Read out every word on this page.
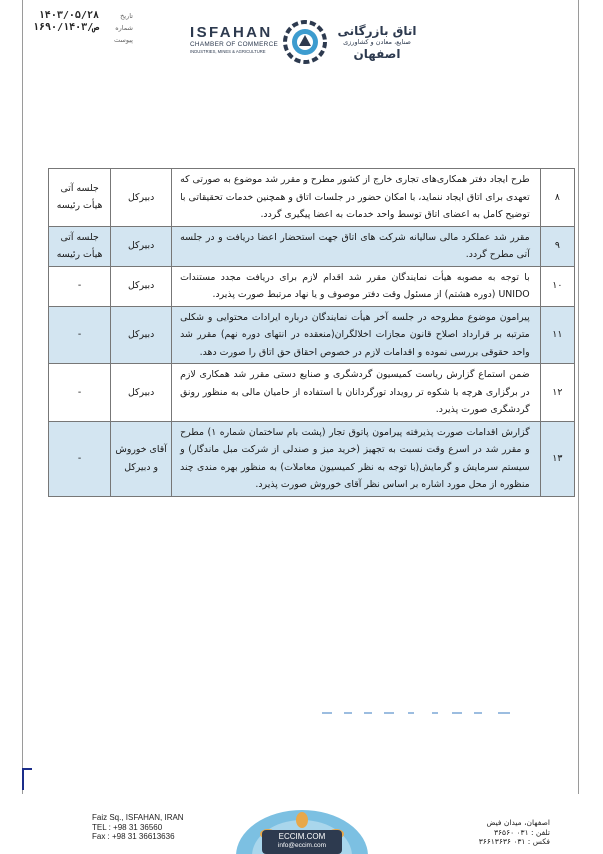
تاریخ
۱۴۰۳/۰۵/۲۸
شماره
۱۶۹۰/ص/۱۴۰۳
پیوست	ISFAHAN
CHAMBER OF COMMERCE
INDUSTRIES, MINES & AGRICULTURE
اتاق بازرگانی
صنایع، معادن و کشاورزی
اصفهان
۸	طرح ایجاد دفتر همکاری‌های تجاری خارج از کشور مطرح و مقرر شد موضوع به صورتی که تعهدی برای اتاق ایجاد ننماید، با امکان حضور در جلسات اتاق و همچنین خدمات تحقیقاتی با توضیح کامل به اعضای اتاق توسط واحد خدمات به اعضا پیگیری گردد.	دبیرکل	جلسه آتی هیأت رئیسه
۹	مقرر شد عملکرد مالی سالیانه شرکت های اتاق جهت استحضار اعضا دریافت و در جلسه آتی مطرح گردد.	دبیرکل	جلسه آتی هیأت رئیسه
۱۰	با توجه به مصوبه هیأت نمایندگان مقرر شد اقدام لازم برای دریافت مجدد مستندات UNIDO (دوره هشتم) از مسئول وقت دفتر موصوف و یا نهاد مرتبط صورت پذیرد.	دبیرکل	-
۱۱	پیرامون موضوع مطروحه در جلسه آخر هیأت نمایندگان درباره ایرادات محتوایی و شکلی مترتبه بر قرارداد اصلاح قانون مجازات اخلالگران(منعقده در انتهای دوره نهم) مقرر شد واحد حقوقی بررسی نموده و اقدامات لازم در خصوص احقاق حق اتاق را صورت دهد.	دبیرکل	-
۱۲	ضمن استماع گزارش ریاست کمیسیون گردشگری و صنایع دستی مقرر شد همکاری لازم در برگزاری هرچه با شکوه تر رویداد تورگردانان با استفاده از حامیان مالی به منظور رونق گردشگری صورت پذیرد.	دبیرکل	-
۱۳	گزارش اقدامات صورت پذیرفته پیرامون پاتوق تجار (پشت بام ساختمان شماره ۱) مطرح و مقرر شد در اسرع وقت نسبت به تجهیز (خرید میز و صندلی از شرکت مبل ماندگار) و سیستم سرمایش و گرمایش(با توجه به نظر کمیسیون معاملات) به منظور بهره مندی چند منظوره از محل مورد اشاره بر اساس نظر آقای خوروش صورت پذیرد.	آقای خوروش و دبیرکل	-
Faiz Sq., ISFAHAN, IRAN
TEL : +98 31 36560
Fax : +98 31 36613636	ECCIM.COM
info@eccim.com
اصفهان، میدان فیض
تلفن : ۰۳۱ ۳۶۵۶۰
فکس : ۰۳۱ ۳۶۶۱۳۶۳۶
